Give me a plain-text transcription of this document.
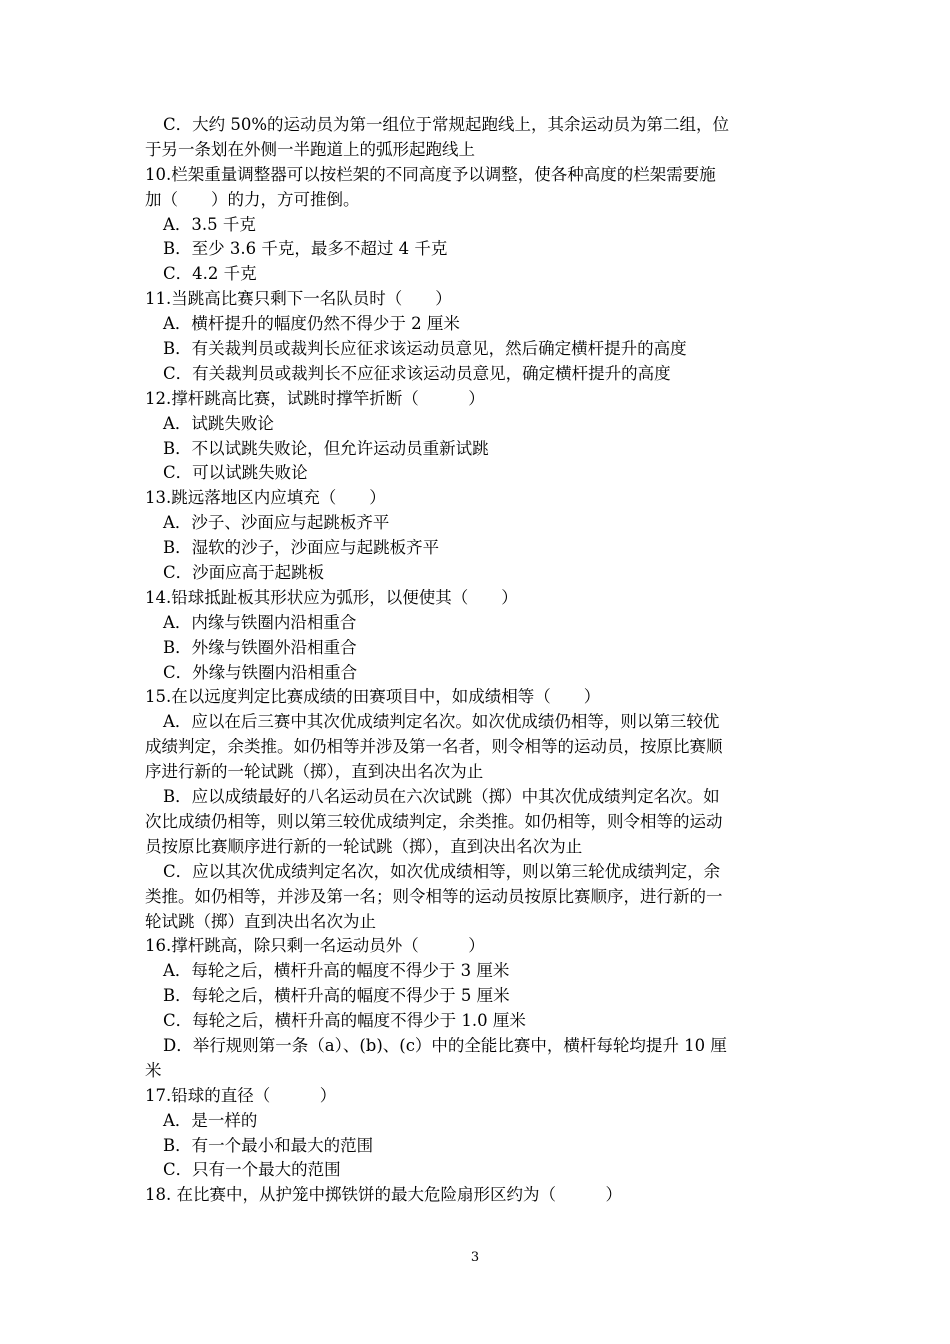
C．大约 50%的运动员为第一组位于常规起跑线上，其余运动员为第二组，位
于另一条划在外侧一半跑道上的弧形起跑线上
10.栏架重量调整器可以按栏架的不同高度予以调整，使各种高度的栏架需要施
加（　　）的力，方可推倒。
A．3.5 千克
B．至少 3.6 千克，最多不超过 4 千克
C．4.2 千克
11.当跳高比赛只剩下一名队员时（　　）
A．横杆提升的幅度仍然不得少于 2 厘米
B．有关裁判员或裁判长应征求该运动员意见，然后确定横杆提升的高度
C．有关裁判员或裁判长不应征求该运动员意见，确定横杆提升的高度
12.撑杆跳高比赛，试跳时撑竿折断（　　　）
A．试跳失败论
B．不以试跳失败论，但允许运动员重新试跳
C．可以试跳失败论
13.跳远落地区内应填充（　　）
A．沙子、沙面应与起跳板齐平
B．湿软的沙子，沙面应与起跳板齐平
C．沙面应高于起跳板
14.铅球抵趾板其形状应为弧形，以便使其（　　）
A．内缘与铁圈内沿相重合
B．外缘与铁圈外沿相重合
C．外缘与铁圈内沿相重合
15.在以远度判定比赛成绩的田赛项目中，如成绩相等（　　）
A．应以在后三赛中其次优成绩判定名次。如次优成绩仍相等，则以第三较优
成绩判定，余类推。如仍相等并涉及第一名者，则令相等的运动员，按原比赛顺
序进行新的一轮试跳（掷），直到决出名次为止
B．应以成绩最好的八名运动员在六次试跳（掷）中其次优成绩判定名次。如
次比成绩仍相等，则以第三较优成绩判定，余类推。如仍相等，则令相等的运动
员按原比赛顺序进行新的一轮试跳（掷），直到决出名次为止
C．应以其次优成绩判定名次，如次优成绩相等，则以第三轮优成绩判定，余
类推。如仍相等，并涉及第一名；则令相等的运动员按原比赛顺序，进行新的一
轮试跳（掷）直到决出名次为止
16.撑杆跳高，除只剩一名运动员外（　　　）
A．每轮之后，横杆升高的幅度不得少于 3 厘米
B．每轮之后，横杆升高的幅度不得少于 5 厘米
C．每轮之后，横杆升高的幅度不得少于 1.0 厘米
D．举行规则第一条（a）、(b)、(c）中的全能比赛中，横杆每轮均提升 10 厘
米
17.铅球的直径（　　　）
A．是一样的
B．有一个最小和最大的范围
C．只有一个最大的范围
18. 在比赛中，从护笼中掷铁饼的最大危险扇形区约为（　　　）
3
